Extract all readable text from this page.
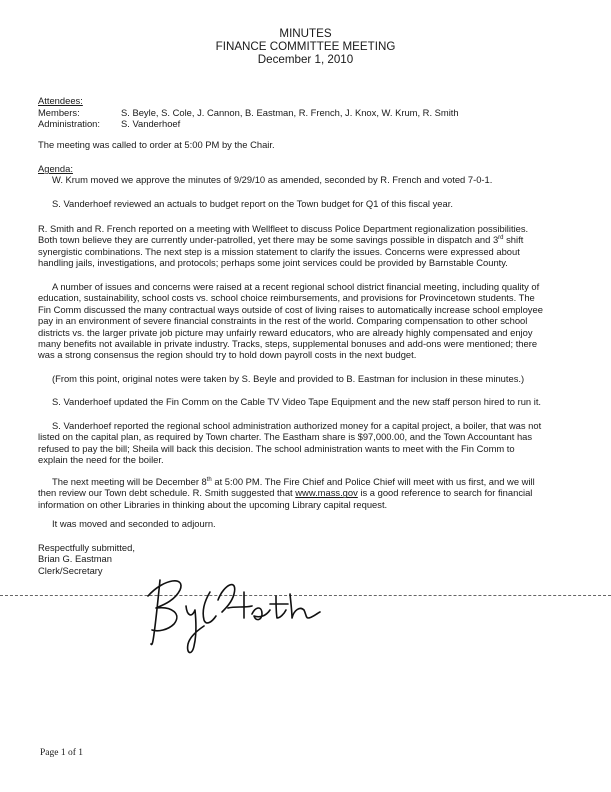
MINUTES
FINANCE COMMITTEE MEETING
December 1, 2010
Attendees:
Members:	S. Beyle, S. Cole, J. Cannon, B. Eastman, R. French, J. Knox, W. Krum, R. Smith
Administration: S. Vanderhoef
The meeting was called to order at 5:00 PM by the Chair.
Agenda:
W. Krum moved we approve the minutes of 9/29/10 as amended, seconded by R. French and voted 7-0-1.
S. Vanderhoef reviewed an actuals to budget report on the Town budget for Q1 of this fiscal year.
R. Smith and R. French reported on a meeting with Wellfleet to discuss Police Department regionalization possibilities.
Both town believe they are currently under-patrolled, yet there may be some savings possible in dispatch and 3rd shift
synergistic combinations. The next step is a mission statement to clarify the issues. Concerns were expressed about
handling jails, investigations, and protocols; perhaps some joint services could be provided by Barnstable County.
A number of issues and concerns were raised at a recent regional school district financial meeting, including quality of
education, sustainability, school costs vs. school choice reimbursements, and provisions for Provincetown students. The
Fin Comm discussed the many contractual ways outside of cost of living raises to automatically increase school employee
pay in an environment of severe financial constraints in the rest of the world. Comparing compensation to other school
districts vs. the larger private job picture may unfairly reward educators, who are already highly compensated and enjoy
many benefits not available in private industry. Tracks, steps, supplemental bonuses and add-ons were mentioned; there
was a strong consensus the region should try to hold down payroll costs in the next budget.
(From this point, original notes were taken by S. Beyle and provided to B. Eastman for inclusion in these minutes.)
S. Vanderhoef updated the Fin Comm on the Cable TV Video Tape Equipment and the new staff person hired to run it.
S. Vanderhoef reported the regional school administration authorized money for a capital project, a boiler, that was not
listed on the capital plan, as required by Town charter. The Eastham share is $97,000.00, and the Town Accountant has
refused to pay the bill; Sheila will back this decision. The school administration wants to meet with the Fin Comm to
explain the need for the boiler.
The next meeting will be December 8th at 5:00 PM. The Fire Chief and Police Chief will meet with us first, and we will
then review our Town debt schedule. R. Smith suggested that www.mass.gov is a good reference to search for financial
information on other Libraries in thinking about the upcoming Library capital request.
It was moved and seconded to adjourn.
Respectfully submitted,
Brian G. Eastman
Clerk/Secretary
Page 1 of 1
